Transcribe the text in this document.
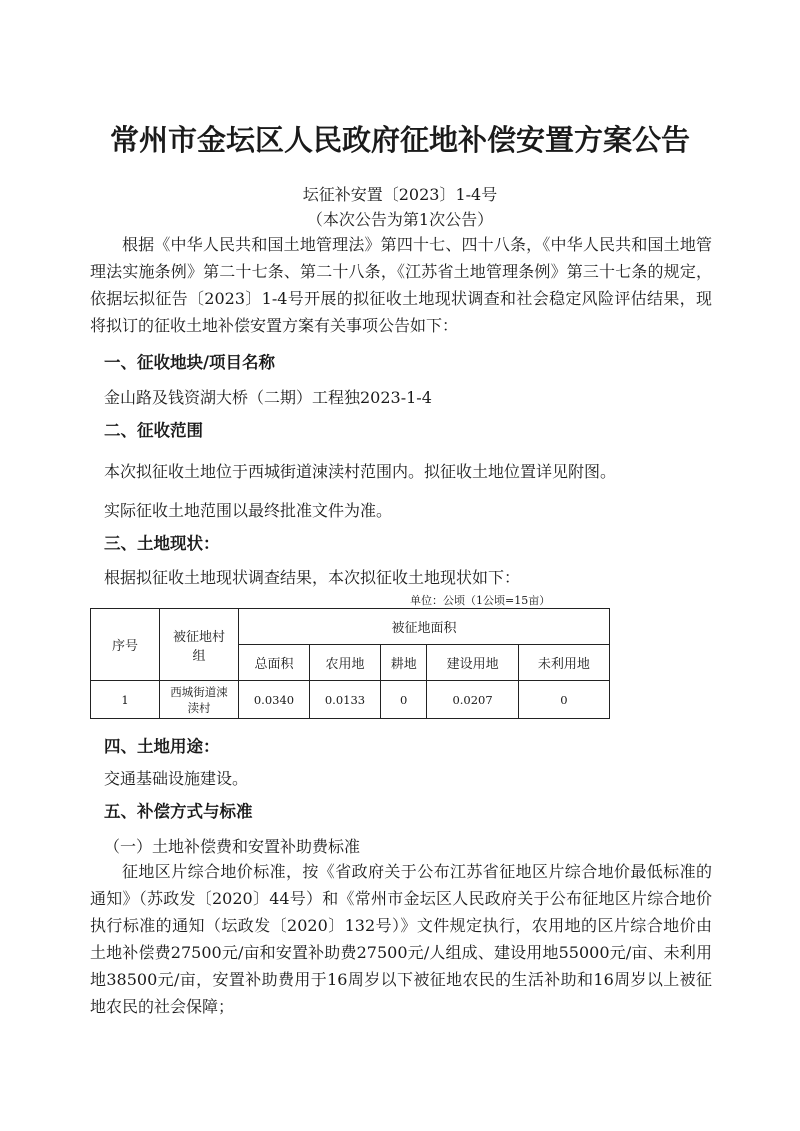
常州市金坛区人民政府征地补偿安置方案公告
坛征补安置〔2023〕1-4号
（本次公告为第1次公告）

根据《中华人民共和国土地管理法》第四十七、四十八条，《中华人民共和国土地管理法实施条例》第二十七条、第二十八条，《江苏省土地管理条例》第三十七条的规定，依据坛拟征告〔2023〕1-4号开展的拟征收土地现状调查和社会稳定风险评估结果，现将拟订的征收土地补偿安置方案有关事项公告如下：

一、征收地块/项目名称
金山路及钱资湖大桥（二期）工程独2023-1-4
二、征收范围
本次拟征收土地位于西城街道涑渎村范围内。拟征收土地位置详见附图。
实际征收土地范围以最终批准文件为准。
三、土地现状：
根据拟征收土地现状调查结果，本次拟征收土地现状如下：
单位：公顷（1公顷=15亩）
序号	被征地村组	被征地面积				
		总面积	农用地	耕地	建设用地	未利用地
1	西城街道涑渎村	0.0340	0.0133	0	0.0207	0
四、土地用途：
交通基础设施建设。
五、补偿方式与标准
（一）土地补偿费和安置补助费标准

征地区片综合地价标准，按《省政府关于公布江苏省征地区片综合地价最低标准的通知》（苏政发〔2020〕44号）和《常州市金坛区人民政府关于公布征地区片综合地价执行标准的通知（坛政发〔2020〕132号）》文件规定执行，农用地的区片综合地价由土地补偿费27500元/亩和安置补助费27500元/人组成、建设用地55000元/亩、未利用地38500元/亩，安置补助费用于16周岁以下被征地农民的生活补助和16周岁以上被征地农民的社会保障；
